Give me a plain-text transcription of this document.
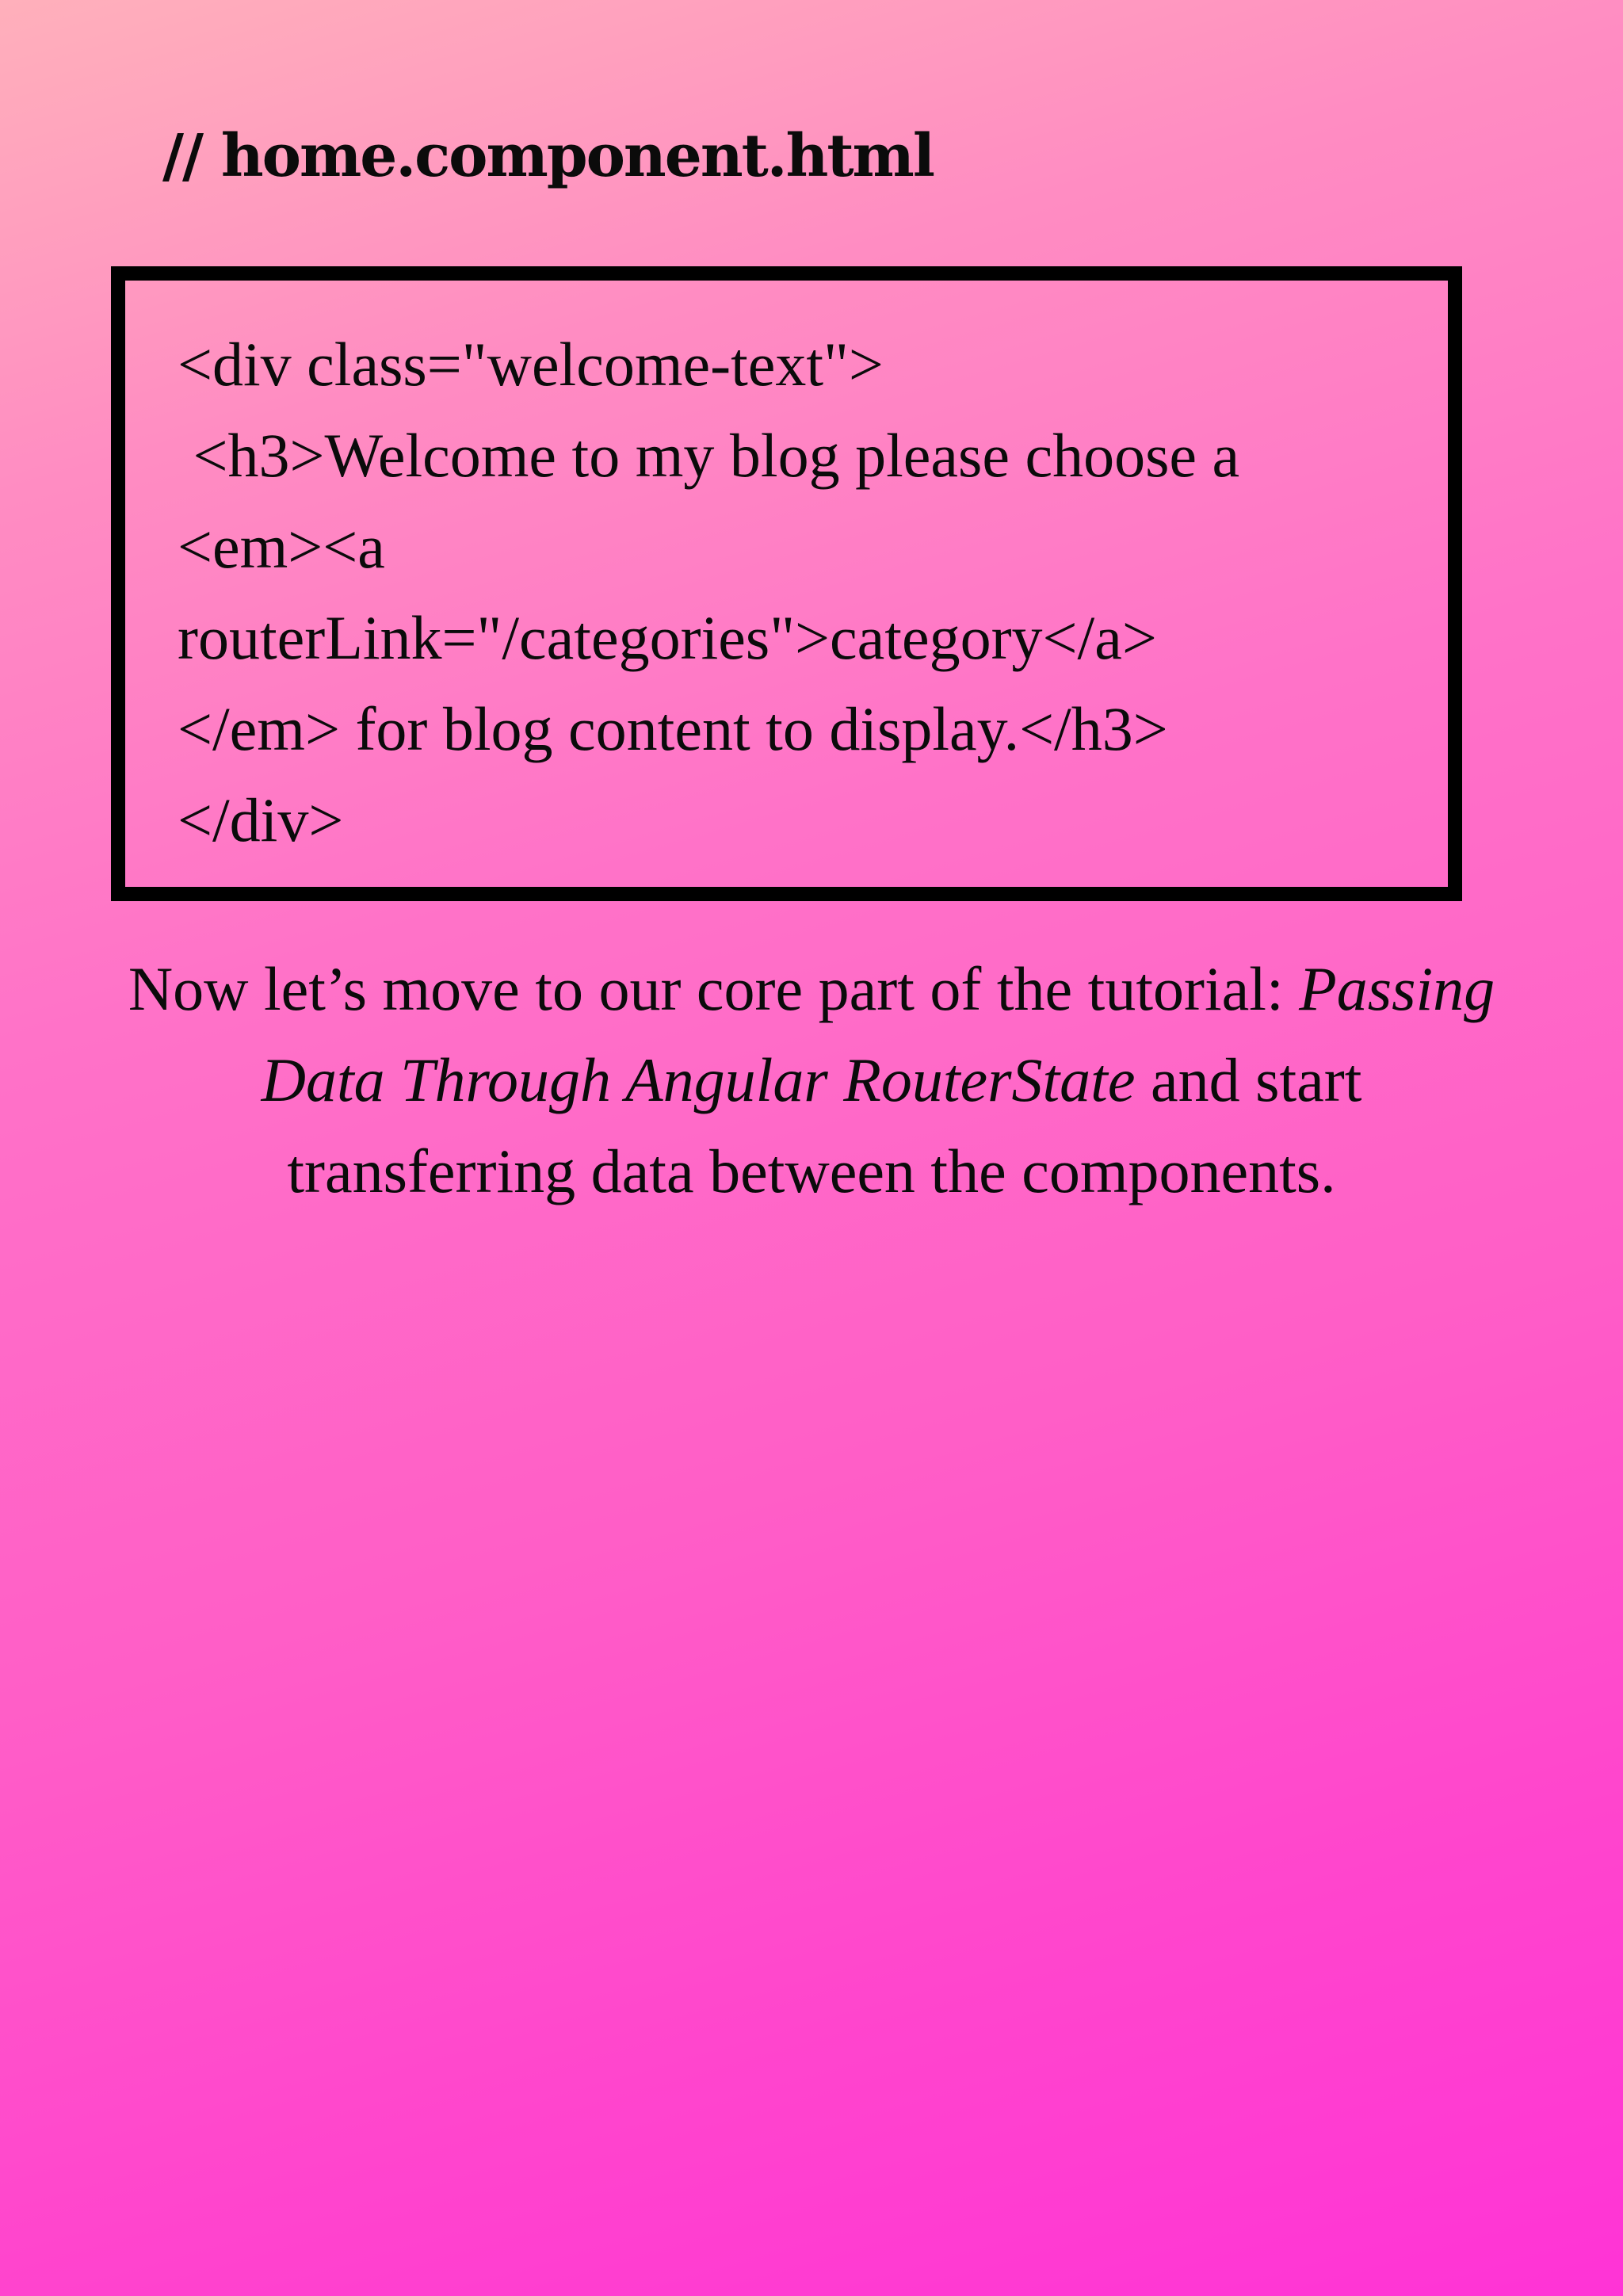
// home.component.html
<div class="welcome-text">
<h3>Welcome to my blog please choose a
<em><a
routerLink="/categories">category</a>
</em> for blog content to display.</h3>
</div>

Now let’s move to our core part of the tutorial: Passing Data Through Angular RouterState and start transferring data between the components.
